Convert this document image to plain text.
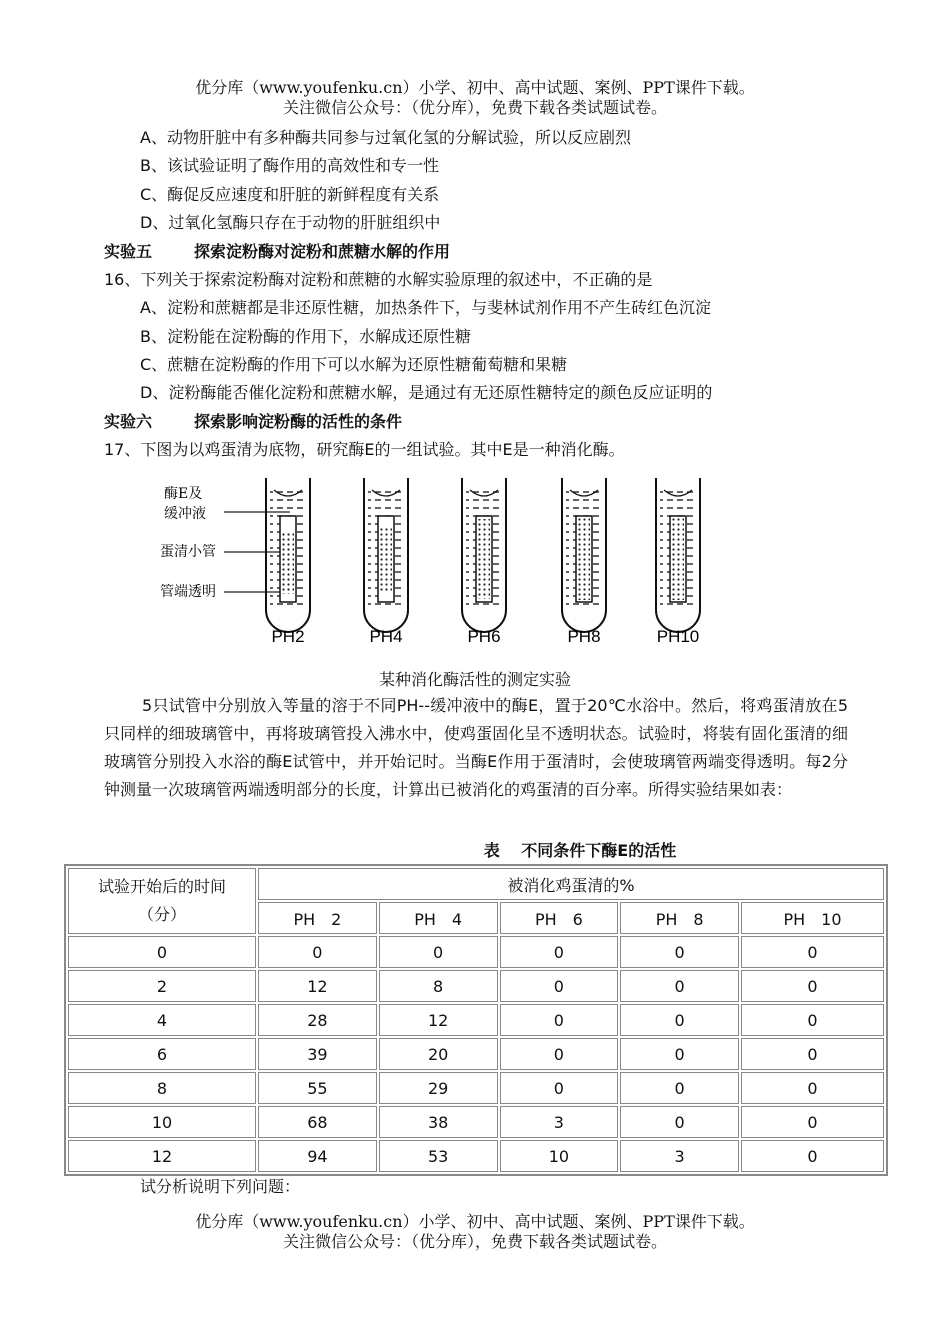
优分库（www.youfenku.cn）小学、初中、高中试题、案例、PPT课件下载。
关注微信公众号：（优分库），免费下载各类试题试卷。
A、动物肝脏中有多种酶共同参与过氧化氢的分解试验，所以反应剧烈
B、该试验证明了酶作用的高效性和专一性
C、酶促反应速度和肝脏的新鲜程度有关系
D、过氧化氢酶只存在于动物的肝脏组织中
实验五	探索淀粉酶对淀粉和蔗糖水解的作用
16、下列关于探索淀粉酶对淀粉和蔗糖的水解实验原理的叙述中，不正确的是
A、淀粉和蔗糖都是非还原性糖，加热条件下，与斐林试剂作用不产生砖红色沉淀
B、淀粉能在淀粉酶的作用下，水解成还原性糖
C、蔗糖在淀粉酶的作用下可以水解为还原性糖葡萄糖和果糖
D、淀粉酶能否催化淀粉和蔗糖水解，是通过有无还原性糖特定的颜色反应证明的
实验六	探索影响淀粉酶的活性的条件
17、下图为以鸡蛋清为底物，研究酶E的一组试验。其中E是一种消化酶。
酶E及
缓冲液
蛋清小管
管端透明
PH2	PH4	PH6	PH8	PH10
某种消化酶活性的测定实验

5只试管中分别放入等量的溶于不同PH--缓冲液中的酶E，置于20℃水浴中。然后，将鸡蛋清放在5只同样的细玻璃管中，再将玻璃管投入沸水中，使鸡蛋固化呈不透明状态。试验时，将装有固化蛋清的细玻璃管分别投入水浴的酶E试管中，并开始记时。当酶E作用于蛋清时，会使玻璃管两端变得透明。每2分钟测量一次玻璃管两端透明部分的长度，计算出已被消化的鸡蛋清的百分率。所得实验结果如表：

表　 不同条件下酶E的活性
试验开始后的时间
（分）	被消化鸡蛋清的%				
	PH　2	PH　4	PH　6	PH　8	PH　10
0	0	0	0	0	0
2	12	8	0	0	0
4	28	12	0	0	0
6	39	20	0	0	0
8	55	29	0	0	0
10	68	38	3	0	0
12	94	53	10	3	0
试分析说明下列问题：
优分库（www.youfenku.cn）小学、初中、高中试题、案例、PPT课件下载。
关注微信公众号：（优分库），免费下载各类试题试卷。
